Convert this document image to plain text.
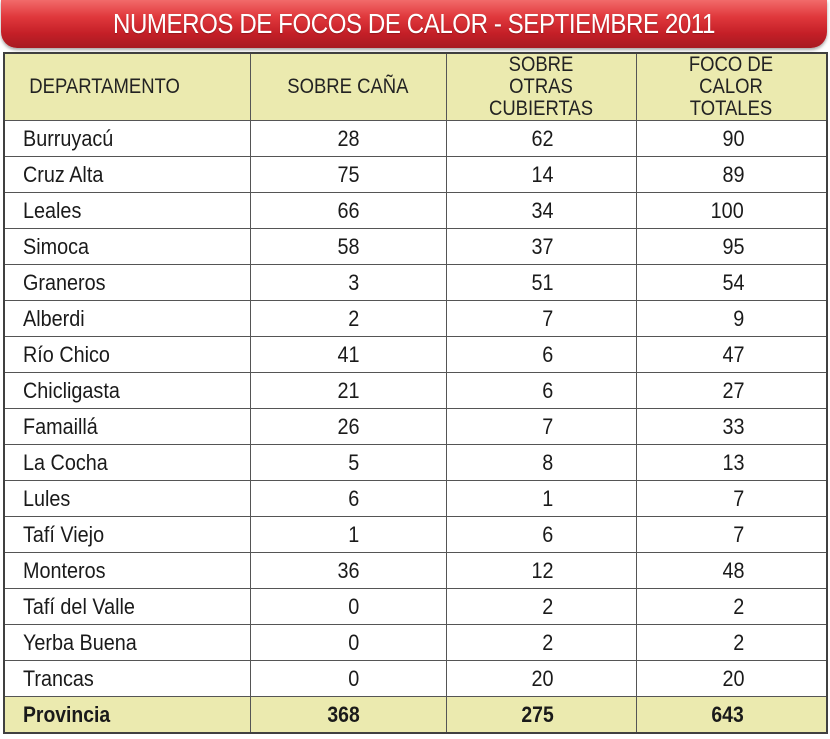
NUMEROS DE FOCOS DE CALOR - SEPTIEMBRE 2011
DEPARTAMENTO	SOBRE CAÑA	SOBRE OTRAS CUBIERTAS	FOCO DE CALOR TOTALES
Burruyacú	28	62	90
Cruz Alta	75	14	89
Leales	66	34	100
Simoca	58	37	95
Graneros	3	51	54
Alberdi	2	7	9
Río Chico	41	6	47
Chicligasta	21	6	27
Famaillá	26	7	33
La Cocha	5	8	13
Lules	6	1	7
Tafí Viejo	1	6	7
Monteros	36	12	48
Tafí del Valle	0	2	2
Yerba Buena	0	2	2
Trancas	0	20	20
Provincia	368	275	643
